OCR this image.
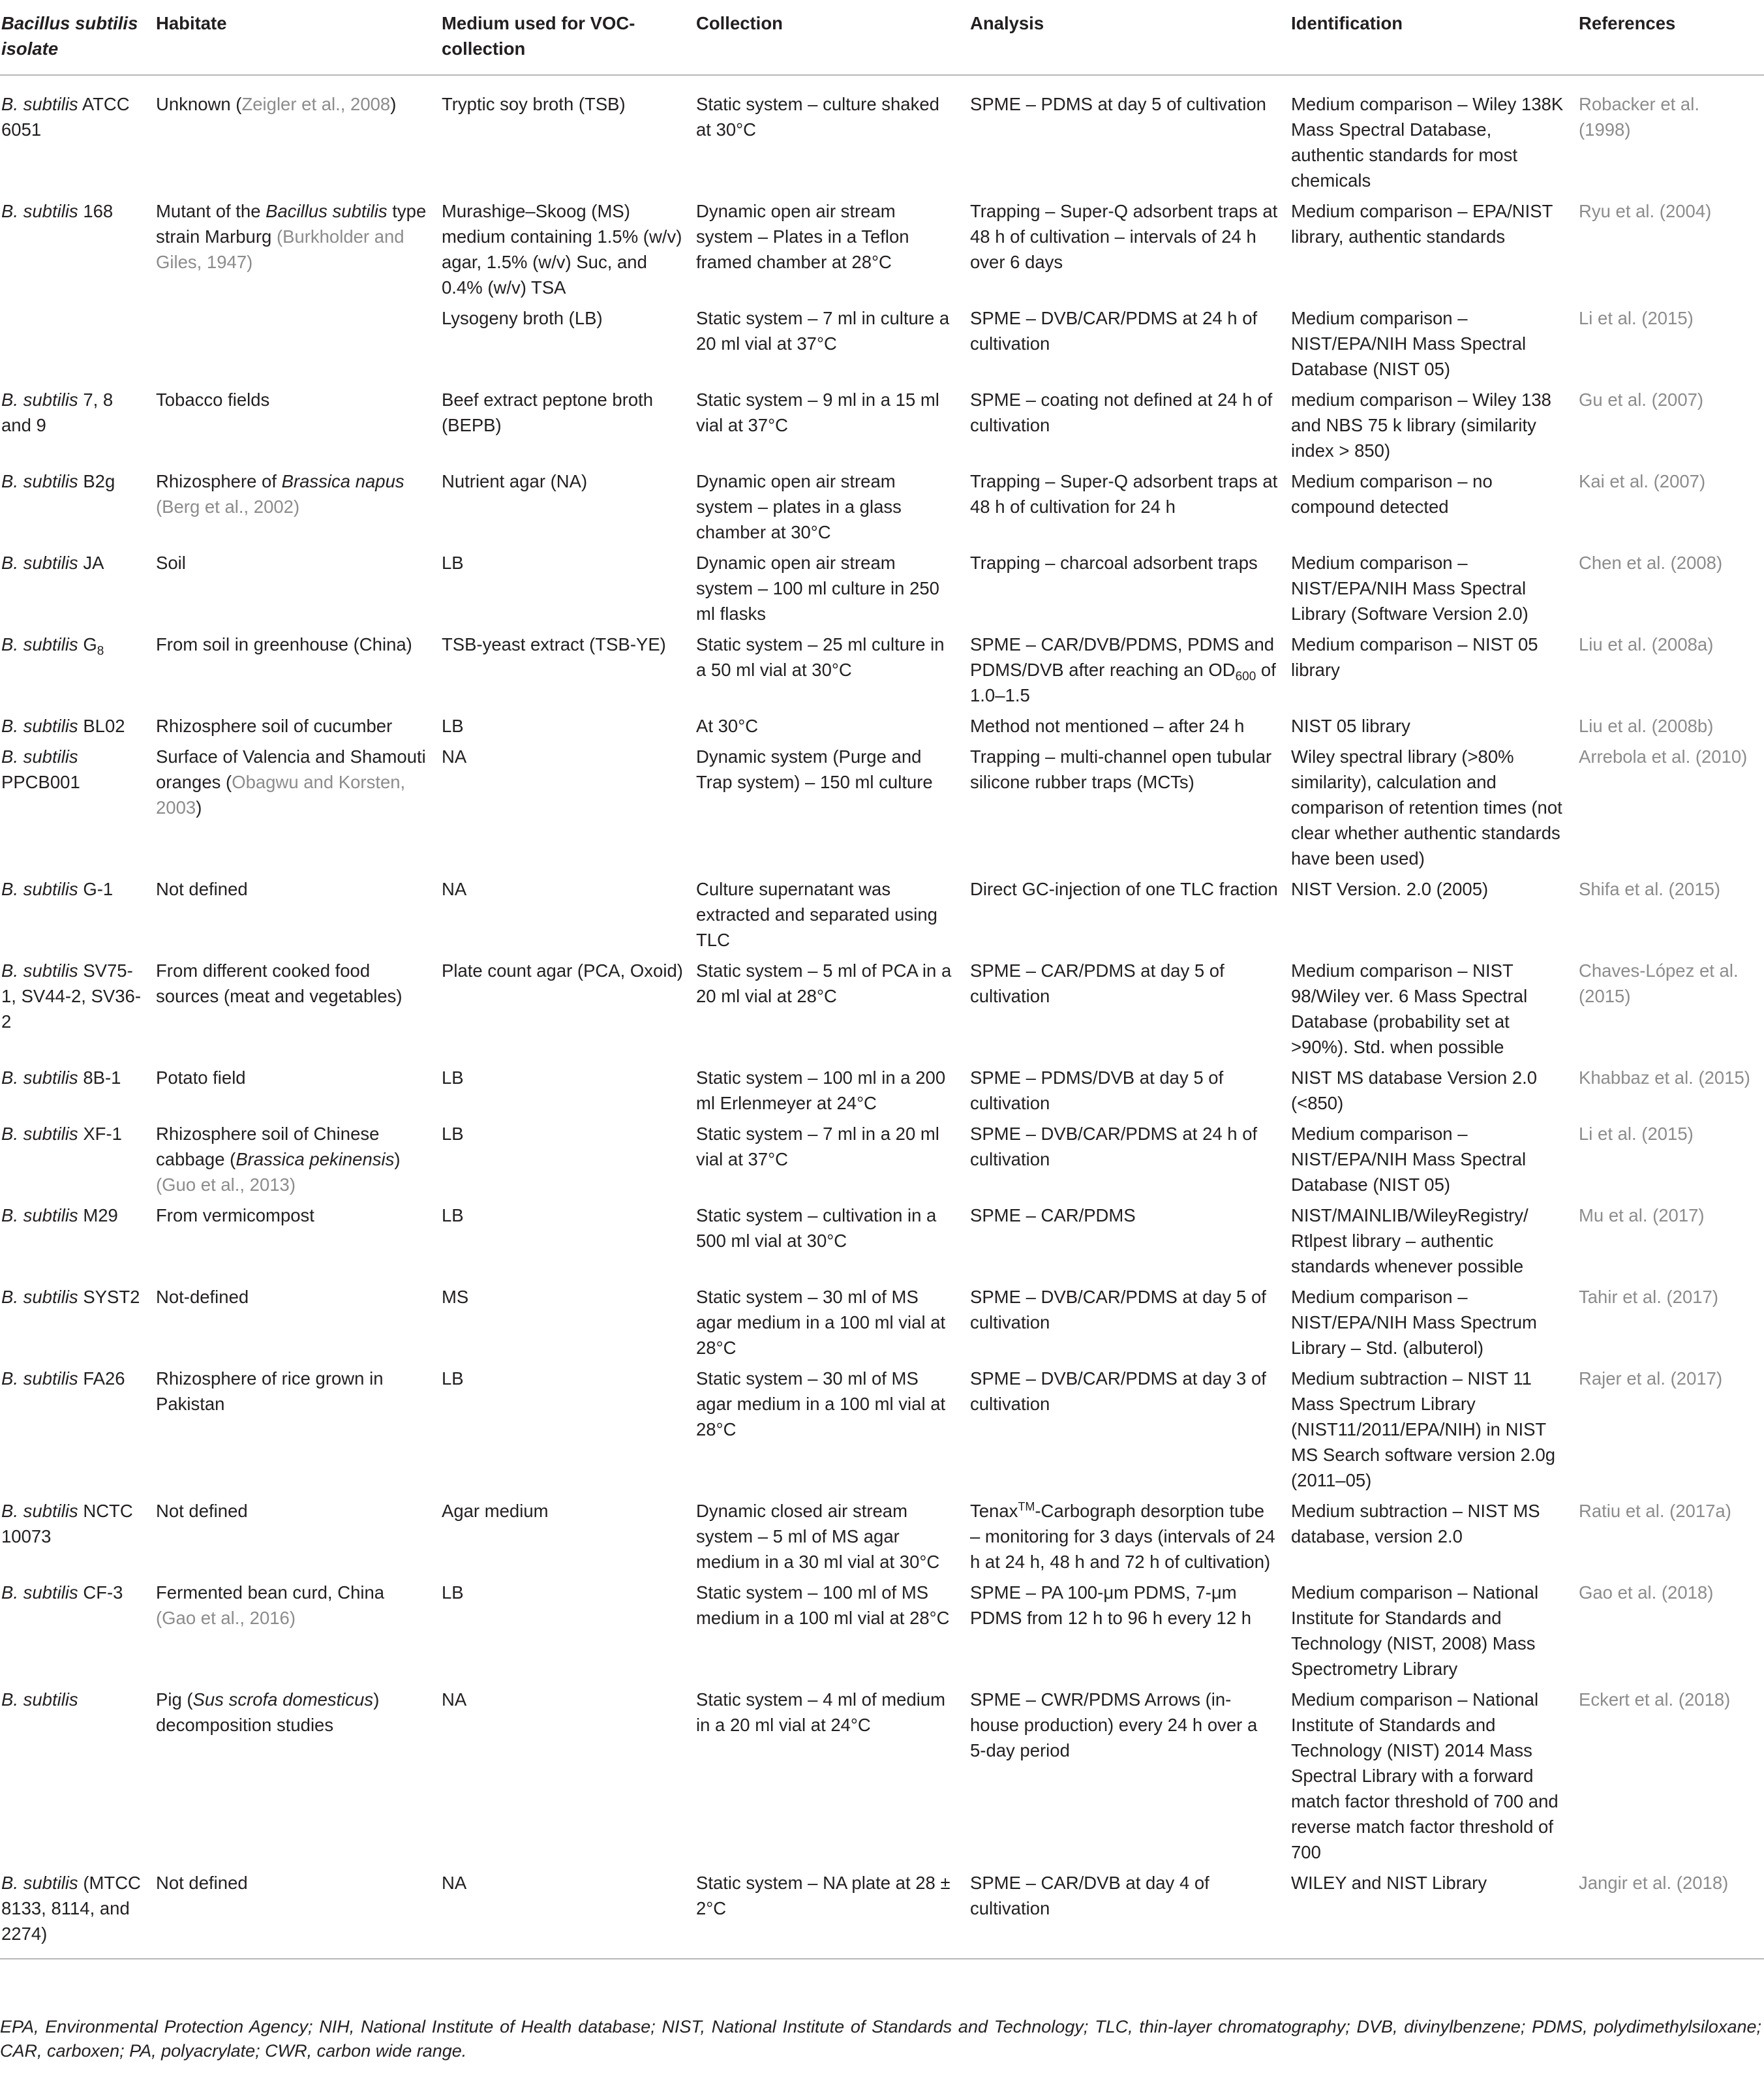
Bacillus subtilis isolate	Habitate	Medium used for VOC-collection	Collection	Analysis	Identification	References
B. subtilis ATCC 6051	Unknown (Zeigler et al., 2008)	Tryptic soy broth (TSB)	Static system – culture shaked at 30°C	SPME – PDMS at day 5 of cultivation	Medium comparison – Wiley 138K Mass Spectral Database, authentic standards for most chemicals	Robacker et al. (1998)
B. subtilis 168	Mutant of the Bacillus subtilis type strain Marburg (Burkholder and Giles, 1947)	Murashige–Skoog (MS) medium containing 1.5% (w/v) agar, 1.5% (w/v) Suc, and 0.4% (w/v) TSA	Dynamic open air stream system – Plates in a Teflon framed chamber at 28°C	Trapping – Super-Q adsorbent traps at 48 h of cultivation – intervals of 24 h over 6 days	Medium comparison – EPA/NIST library, authentic standards	Ryu et al. (2004)
		Lysogeny broth (LB)	Static system – 7 ml in culture a 20 ml vial at 37°C	SPME – DVB/CAR/PDMS at 24 h of cultivation	Medium comparison – NIST/EPA/NIH Mass Spectral Database (NIST 05)	Li et al. (2015)
B. subtilis 7, 8 and 9	Tobacco fields	Beef extract peptone broth (BEPB)	Static system – 9 ml in a 15 ml vial at 37°C	SPME – coating not defined at 24 h of cultivation	medium comparison – Wiley 138 and NBS 75 k library (similarity index > 850)	Gu et al. (2007)
B. subtilis B2g	Rhizosphere of Brassica napus (Berg et al., 2002)	Nutrient agar (NA)	Dynamic open air stream system – plates in a glass chamber at 30°C	Trapping – Super-Q adsorbent traps at 48 h of cultivation for 24 h	Medium comparison – no compound detected	Kai et al. (2007)
B. subtilis JA	Soil	LB	Dynamic open air stream system – 100 ml culture in 250 ml flasks	Trapping – charcoal adsorbent traps	Medium comparison – NIST/EPA/NIH Mass Spectral Library (Software Version 2.0)	Chen et al. (2008)
B. subtilis $G_8$	From soil in greenhouse (China)	TSB-yeast extract (TSB-YE)	Static system – 25 ml culture in a 50 ml vial at 30°C	SPME – CAR/DVB/PDMS, PDMS and PDMS/DVB after reaching an $OD_{600}$ of 1.0–1.5	Medium comparison – NIST 05 library	Liu et al. (2008a)
B. subtilis BL02	Rhizosphere soil of cucumber	LB	At 30°C	Method not mentioned – after 24 h	NIST 05 library	Liu et al. (2008b)
B. subtilis PPCB001	Surface of Valencia and Shamouti oranges (Obagwu and Korsten, 2003)	NA	Dynamic system (Purge and Trap system) – 150 ml culture	Trapping – multi-channel open tubular silicone rubber traps (MCTs)	Wiley spectral library (>80% similarity), calculation and comparison of retention times (not clear whether authentic standards have been used)	Arrebola et al. (2010)
B. subtilis G-1	Not defined	NA	Culture supernatant was extracted and separated using TLC	Direct GC-injection of one TLC fraction	NIST Version. 2.0 (2005)	Shifa et al. (2015)
B. subtilis SV75-1, SV44-2, SV36-2	From different cooked food sources (meat and vegetables)	Plate count agar (PCA, Oxoid)	Static system – 5 ml of PCA in a 20 ml vial at 28°C	SPME – CAR/PDMS at day 5 of cultivation	Medium comparison – NIST 98/Wiley ver. 6 Mass Spectral Database (probability set at >90%). Std. when possible	Chaves-López et al. (2015)
B. subtilis 8B-1	Potato field	LB	Static system – 100 ml in a 200 ml Erlenmeyer at 24°C	SPME – PDMS/DVB at day 5 of cultivation	NIST MS database Version 2.0 (<850)	Khabbaz et al. (2015)
B. subtilis XF-1	Rhizosphere soil of Chinese cabbage (Brassica pekinensis) (Guo et al., 2013)	LB	Static system – 7 ml in a 20 ml vial at 37°C	SPME – DVB/CAR/PDMS at 24 h of cultivation	Medium comparison – NIST/EPA/NIH Mass Spectral Database (NIST 05)	Li et al. (2015)
B. subtilis M29	From vermicompost	LB	Static system – cultivation in a 500 ml vial at 30°C	SPME – CAR/PDMS	NIST/MAINLIB/WileyRegistry/ Rtlpest library – authentic standards whenever possible	Mu et al. (2017)
B. subtilis SYST2	Not-defined	MS	Static system – 30 ml of MS agar medium in a 100 ml vial at 28°C	SPME – DVB/CAR/PDMS at day 5 of cultivation	Medium comparison – NIST/EPA/NIH Mass Spectrum Library – Std. (albuterol)	Tahir et al. (2017)
B. subtilis FA26	Rhizosphere of rice grown in Pakistan	LB	Static system – 30 ml of MS agar medium in a 100 ml vial at 28°C	SPME – DVB/CAR/PDMS at day 3 of cultivation	Medium subtraction – NIST 11 Mass Spectrum Library (NIST11/2011/EPA/NIH) in NIST MS Search software version 2.0g (2011–05)	Rajer et al. (2017)
B. subtilis NCTC 10073	Not defined	Agar medium	Dynamic closed air stream system – 5 ml of MS agar medium in a 30 ml vial at 30°C	Tenax™-Carbograph desorption tube – monitoring for 3 days (intervals of 24 h at 24 h, 48 h and 72 h of cultivation)	Medium subtraction – NIST MS database, version 2.0	Ratiu et al. (2017a)
B. subtilis CF-3	Fermented bean curd, China (Gao et al., 2016)	LB	Static system – 100 ml of MS medium in a 100 ml vial at 28°C	SPME – PA 100-μm PDMS, 7-μm PDMS from 12 h to 96 h every 12 h	Medium comparison – National Institute for Standards and Technology (NIST, 2008) Mass Spectrometry Library	Gao et al. (2018)
B. subtilis	Pig (Sus scrofa domesticus) decomposition studies	NA	Static system – 4 ml of medium in a 20 ml vial at 24°C	SPME – CWR/PDMS Arrows (in-house production) every 24 h over a 5-day period	Medium comparison – National Institute of Standards and Technology (NIST) 2014 Mass Spectral Library with a forward match factor threshold of 700 and reverse match factor threshold of 700	Eckert et al. (2018)
B. subtilis (MTCC 8133, 8114, and 2274)	Not defined	NA	Static system – NA plate at 28 ± 2°C	SPME – CAR/DVB at day 4 of cultivation	WILEY and NIST Library	Jangir et al. (2018)
EPA, Environmental Protection Agency; NIH, National Institute of Health database; NIST, National Institute of Standards and Technology; TLC, thin-layer chromatography; DVB, divinylbenzene; PDMS, polydimethylsiloxane; CAR, carboxen; PA, polyacrylate; CWR, carbon wide range.
